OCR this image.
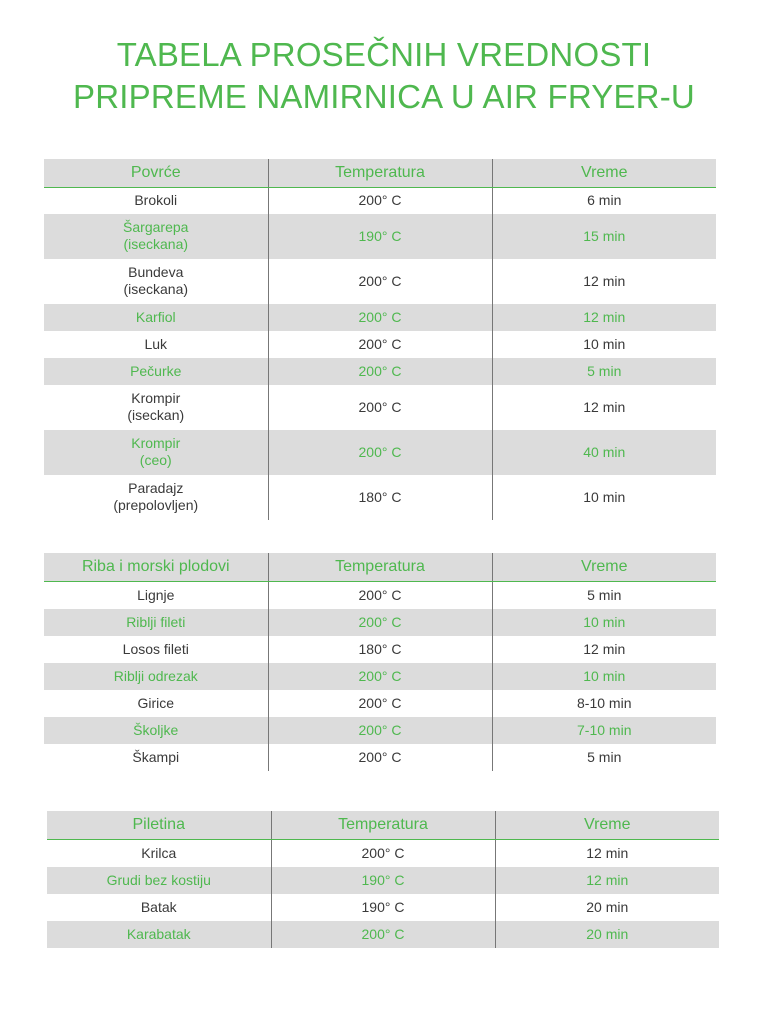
TABELA PROSEČNIH VREDNOSTI
PRIPREME NAMIRNICA U AIR FRYER-U
Povrće	Temperatura	Vreme

Brokoli	200° C	6 min

Šargarepa
(iseckana)	190° C	15 min

Bundeva
(iseckana)	200° C	12 min

Karfiol	200° C	12 min

Luk	200° C	10 min

Pečurke	200° C	5 min

Krompir
(iseckan)	200° C	12 min

Krompir
(ceo)	200° C	40 min

Paradajz
(prepolovljen)	180° C	10 min
Riba i morski plodovi	Temperatura	Vreme

Lignje	200° C	5 min

Riblji fileti	200° C	10 min

Losos fileti	180° C	12 min

Riblji odrezak	200° C	10 min

Girice	200° C	8-10 min

Školjke	200° C	7-10 min

Škampi	200° C	5 min
Piletina	Temperatura	Vreme

Krilca	200° C	12 min

Grudi bez kostiju	190° C	12 min

Batak	190° C	20 min

Karabatak	200° C	20 min
